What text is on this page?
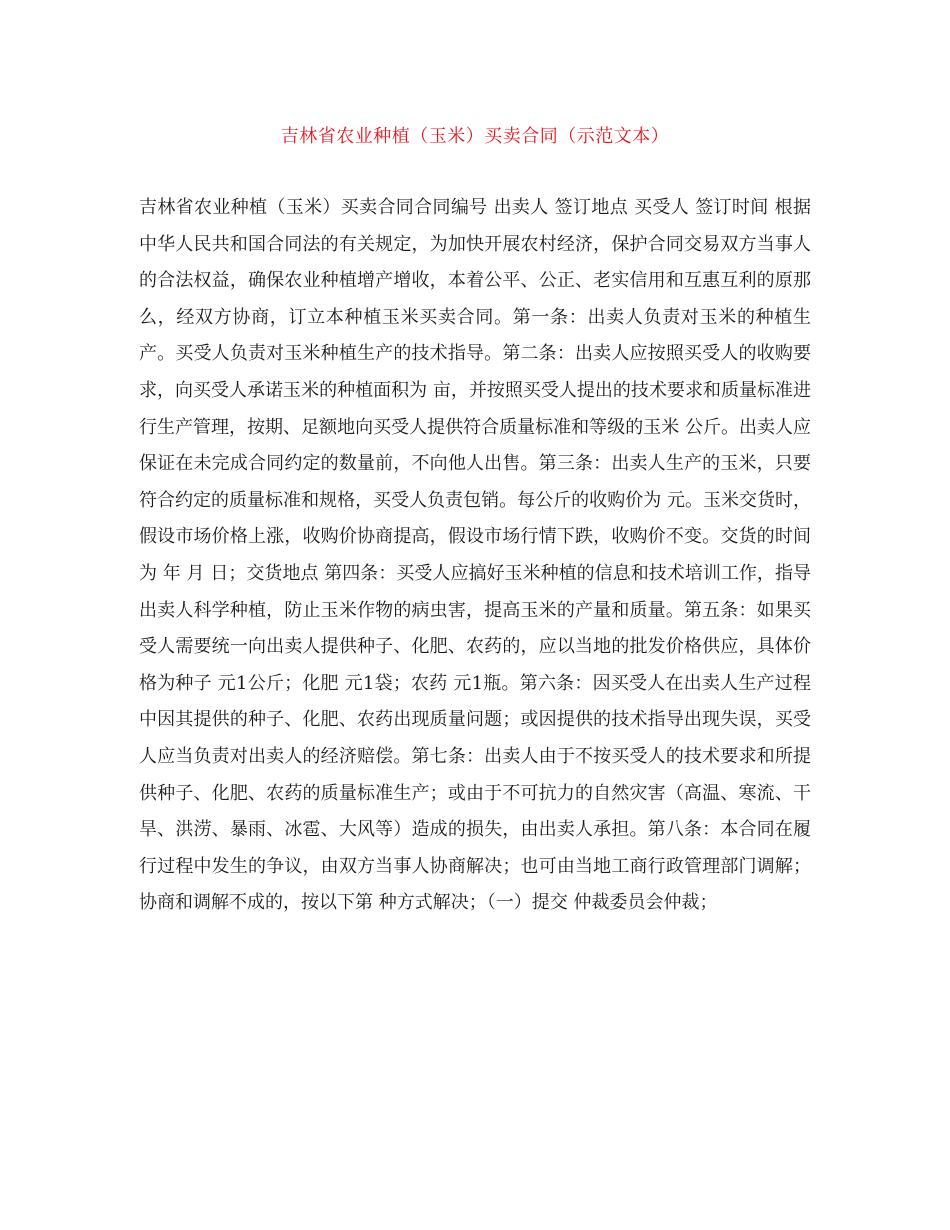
吉林省农业种植（玉米）买卖合同（示范文本）

吉林省农业种植（玉米）买卖合同合同编号 出卖人 签订地点 买受人 签订时间 根据中华人民共和国合同法的有关规定，为加快开展农村经济，保护合同交易双方当事人的合法权益，确保农业种植增产增收，本着公平、公正、老实信用和互惠互利的原那么，经双方协商，订立本种植玉米买卖合同。第一条：出卖人负责对玉米的种植生产。买受人负责对玉米种植生产的技术指导。第二条：出卖人应按照买受人的收购要求，向买受人承诺玉米的种植面积为 亩，并按照买受人提出的技术要求和质量标准进行生产管理，按期、足额地向买受人提供符合质量标准和等级的玉米 公斤。出卖人应保证在未完成合同约定的数量前，不向他人出售。第三条：出卖人生产的玉米，只要符合约定的质量标准和规格，买受人负责包销。每公斤的收购价为 元。玉米交货时，假设市场价格上涨，收购价协商提高，假设市场行情下跌，收购价不变。交货的时间为 年 月 日；交货地点 第四条：买受人应搞好玉米种植的信息和技术培训工作，指导出卖人科学种植，防止玉米作物的病虫害，提高玉米的产量和质量。第五条：如果买受人需要统一向出卖人提供种子、化肥、农药的，应以当地的批发价格供应，具体价格为种子 元1公斤；化肥 元1袋；农药 元1瓶。第六条：因买受人在出卖人生产过程中因其提供的种子、化肥、农药出现质量问题；或因提供的技术指导出现失误，买受人应当负责对出卖人的经济赔偿。第七条：出卖人由于不按买受人的技术要求和所提供种子、化肥、农药的质量标准生产；或由于不可抗力的自然灾害（高温、寒流、干旱、洪涝、暴雨、冰雹、大风等）造成的损失，由出卖人承担。第八条：本合同在履行过程中发生的争议，由双方当事人协商解决；也可由当地工商行政管理部门调解；协商和调解不成的，按以下第 种方式解决；（一）提交 仲裁委员会仲裁；
